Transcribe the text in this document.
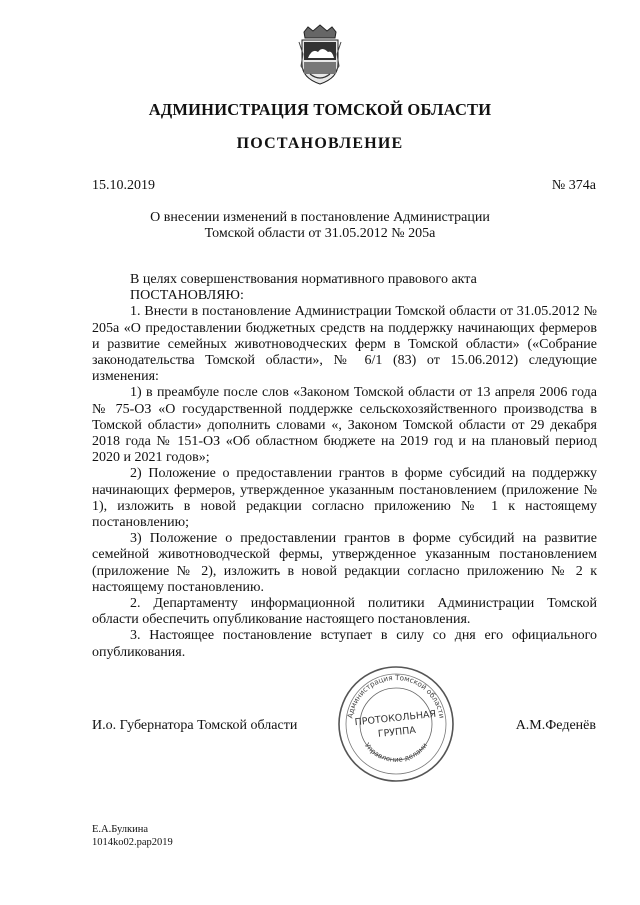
АДМИНИСТРАЦИЯ ТОМСКОЙ ОБЛАСТИ
ПОСТАНОВЛЕНИЕ
15.10.2019	№ 374а
О внесении изменений в постановление Администрации
Томской области от 31.05.2012 № 205а

В целях совершенствования нормативного правового акта

ПОСТАНОВЛЯЮ:

1. Внести в постановление Администрации Томской области от 31.05.2012 № 205а «О предоставлении бюджетных средств на поддержку начинающих фермеров и развитие семейных животноводческих ферм в Томской области» («Собрание законодательства Томской области», № 6/1 (83) от 15.06.2012) следующие изменения:

1) в преамбуле после слов «Законом Томской области от 13 апреля 2006 года № 75-ОЗ «О государственной поддержке сельскохозяйственного производства в Томской области» дополнить словами «, Законом Томской области от 29 декабря 2018 года № 151-ОЗ «Об областном бюджете на 2019 год и на плановый период 2020 и 2021 годов»;

2) Положение о предоставлении грантов в форме субсидий на поддержку начинающих фермеров, утвержденное указанным постановлением (приложение № 1), изложить в новой редакции согласно приложению № 1 к настоящему постановлению;

3) Положение о предоставлении грантов в форме субсидий на развитие семейной животноводческой фермы, утвержденное указанным постановлением (приложение № 2), изложить в новой редакции согласно приложению № 2 к настоящему постановлению.

2. Департаменту информационной политики Администрации Томской области обеспечить опубликование настоящего постановления.

3. Настоящее постановление вступает в силу со дня его официального опубликования.

Администрация Томской области
Управление делами
ПРОТОКОЛЬНАЯ
ГРУППА
И.о. Губернатора Томской области	А.М.Феденёв
Е.А.Булкина
1014ko02.pap2019
